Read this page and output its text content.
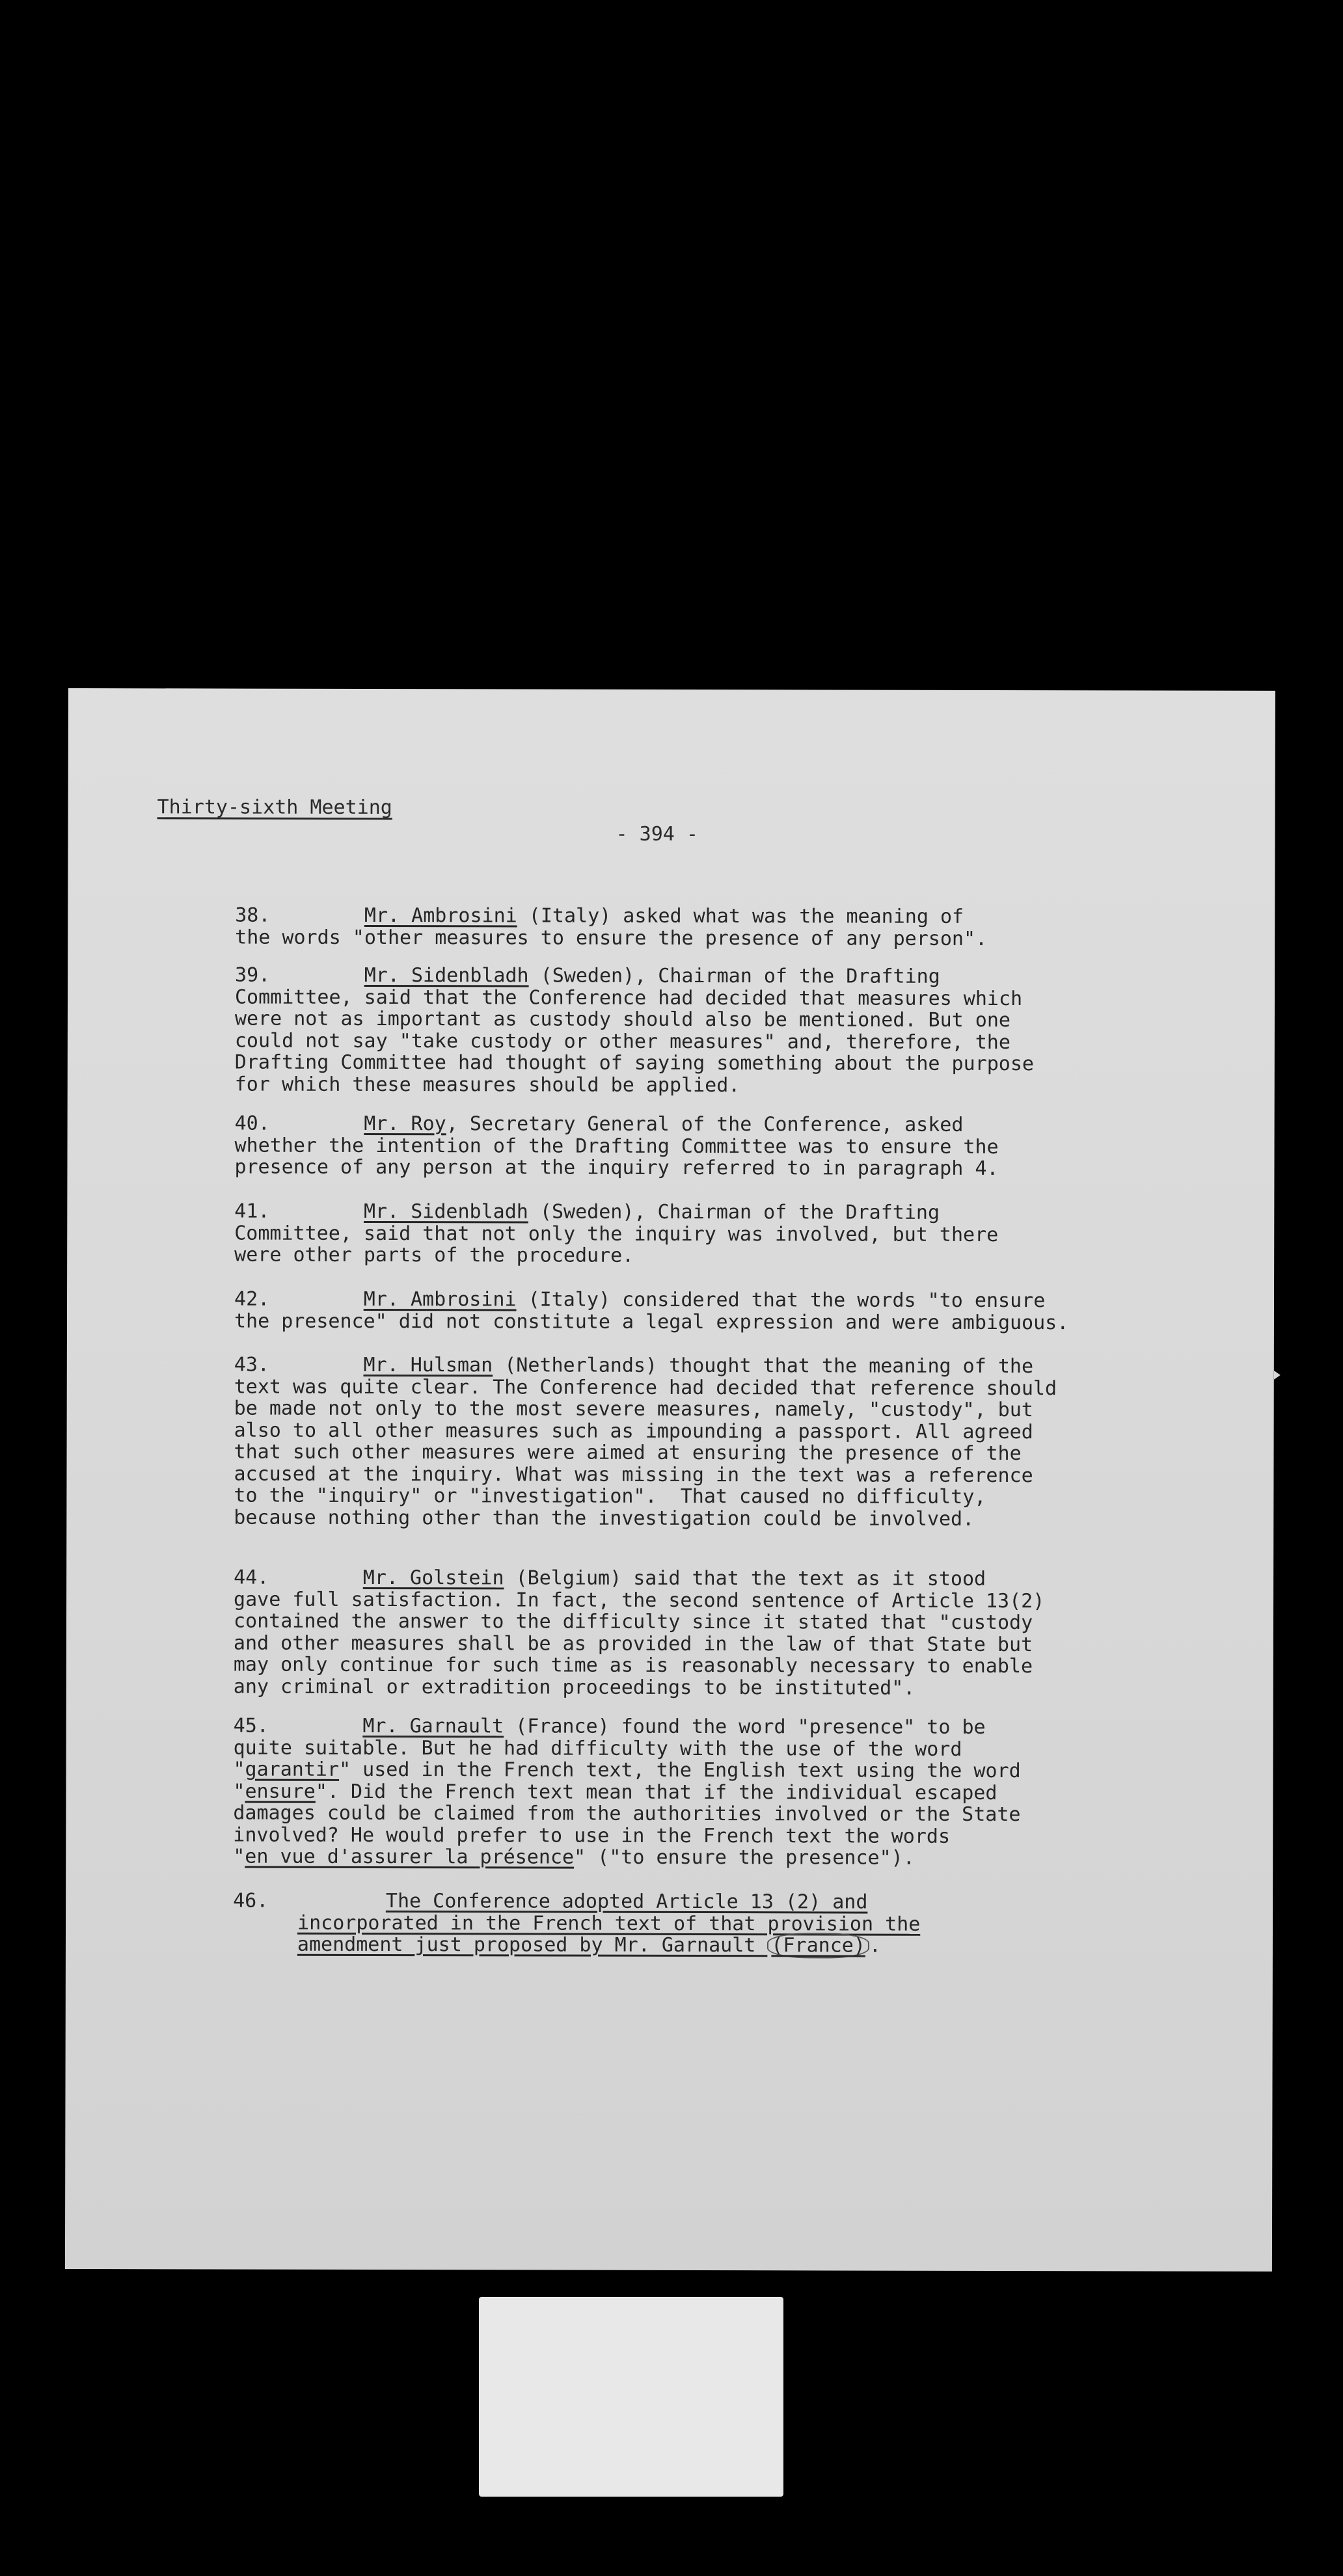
Thirty-sixth Meeting
- 394 -
38.	Mr. Ambrosini (Italy) asked what was the meaning of
the words "other measures to ensure the presence of any person".
39.	Mr. Sidenbladh (Sweden), Chairman of the Drafting
Committee, said that the Conference had decided that measures which
were not as important as custody should also be mentioned. But one
could not say "take custody or other measures" and, therefore, the
Drafting Committee had thought of saying something about the purpose
for which these measures should be applied.
40.	Mr. Roy, Secretary General of the Conference, asked
whether the intention of the Drafting Committee was to ensure the
presence of any person at the inquiry referred to in paragraph 4.
41.	Mr. Sidenbladh (Sweden), Chairman of the Drafting
Committee, said that not only the inquiry was involved, but there
were other parts of the procedure.
42.	Mr. Ambrosini (Italy) considered that the words "to ensure
the presence" did not constitute a legal expression and were ambiguous.
43.	Mr. Hulsman (Netherlands) thought that the meaning of the
text was quite clear. The Conference had decided that reference should
be made not only to the most severe measures, namely, "custody", but
also to all other measures such as impounding a passport. All agreed
that such other measures were aimed at ensuring the presence of the
accused at the inquiry. What was missing in the text was a reference
to the "inquiry" or "investigation".  That caused no difficulty,
because nothing other than the investigation could be involved.
44.	Mr. Golstein (Belgium) said that the text as it stood
gave full satisfaction. In fact, the second sentence of Article 13(2)
contained the answer to the difficulty since it stated that "custody
and other measures shall be as provided in the law of that State but
may only continue for such time as is reasonably necessary to enable
any criminal or extradition proceedings to be instituted".
45.	Mr. Garnault (France) found the word "presence" to be
quite suitable. But he had difficulty with the use of the word
"garantir" used in the French text, the English text using the word
"ensure". Did the French text mean that if the individual escaped
damages could be claimed from the authorities involved or the State
involved? He would prefer to use in the French text the words
"en vue d'assurer la présence" ("to ensure the presence").
46.	The Conference adopted Article 13 (2) and
incorporated in the French text of that provision the
amendment just proposed by Mr. Garnault (France) .
